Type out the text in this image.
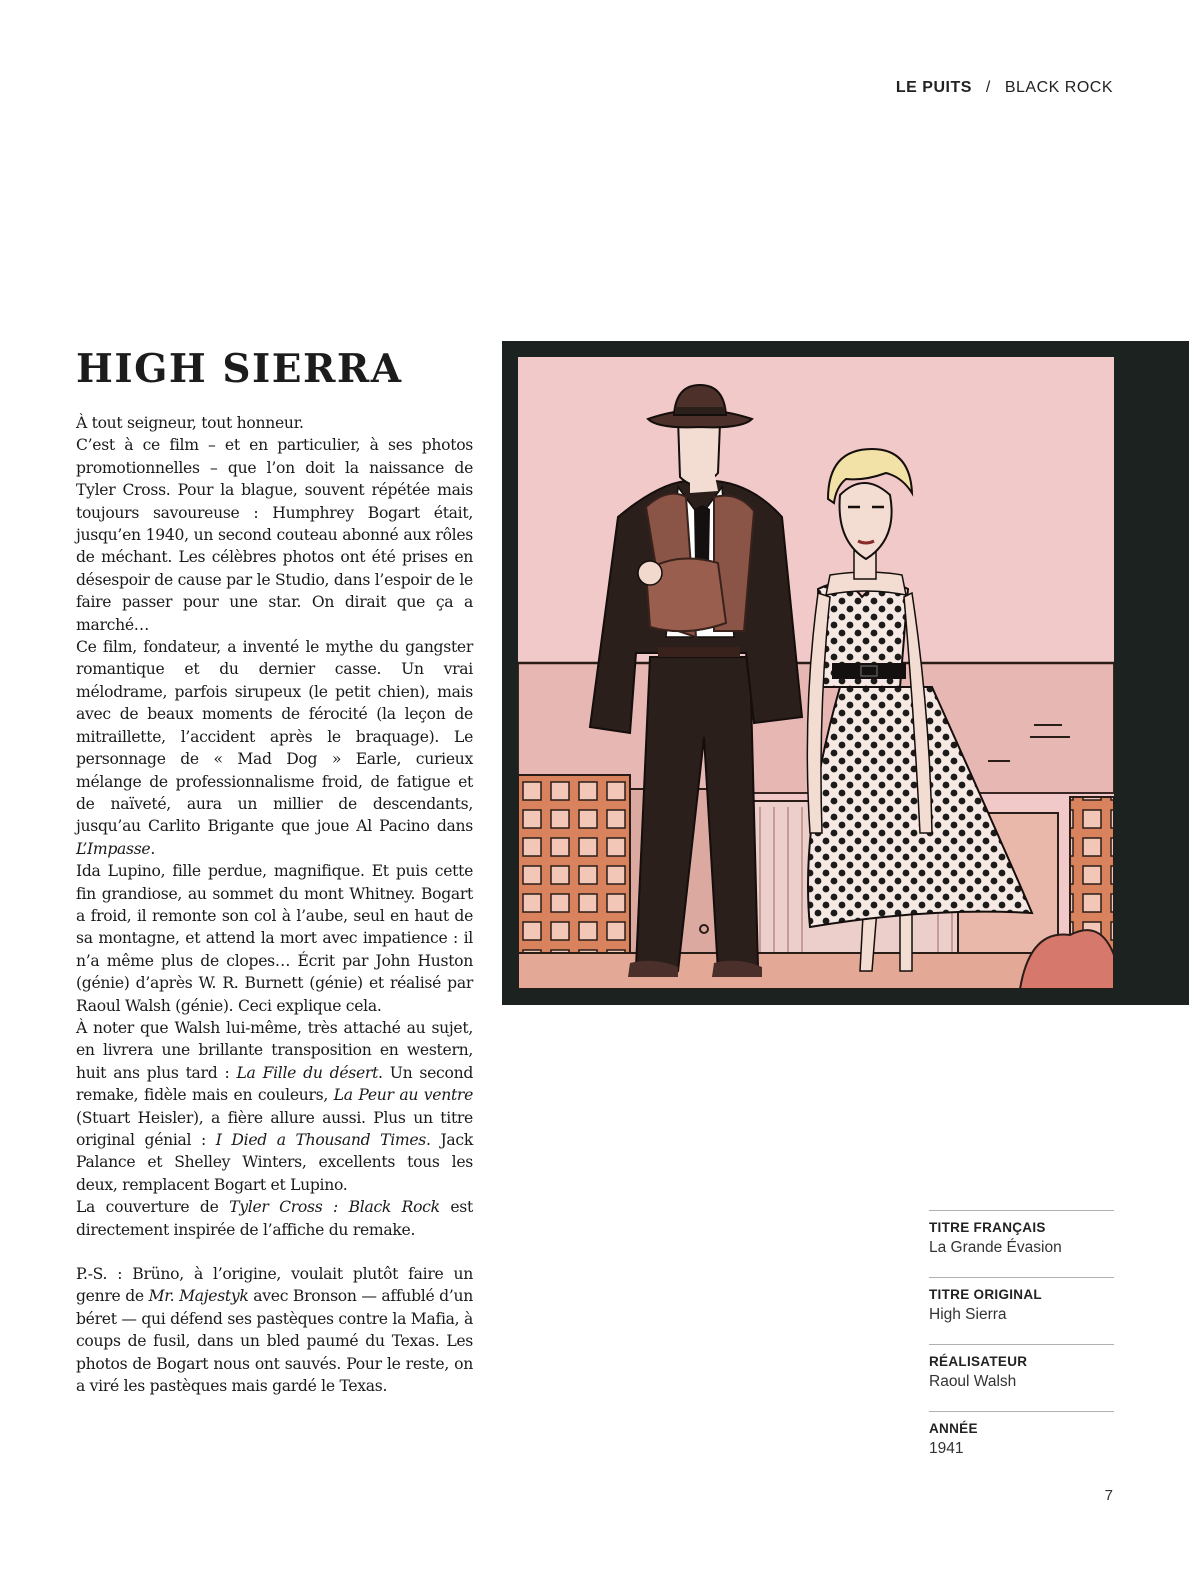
LE PUITS / BLACK ROCK
HIGH SIERRA

À tout seigneur, tout honneur.

C’est à ce film – et en particulier, à ses photos promotionnelles – que l’on doit la naissance de Tyler Cross. Pour la blague, souvent répétée mais toujours savoureuse : Humphrey Bogart était, jusqu’en 1940, un second couteau abonné aux rôles de méchant. Les célèbres photos ont été prises en désespoir de cause par le Studio, dans l’espoir de le faire passer pour une star. On dirait que ça a marché…

Ce film, fondateur, a inventé le mythe du gangster romantique et du dernier casse. Un vrai mélodrame, parfois sirupeux (le petit chien), mais avec de beaux moments de férocité (la leçon de mitraillette, l’accident après le braquage). Le personnage de « Mad Dog » Earle, curieux mélange de professionnalisme froid, de fatigue et de naïveté, aura un millier de descendants, jusqu’au Carlito Brigante que joue Al Pacino dans L’Impasse.

Ida Lupino, fille perdue, magnifique. Et puis cette fin grandiose, au sommet du mont Whitney. Bogart a froid, il remonte son col à l’aube, seul en haut de sa montagne, et attend la mort avec impatience : il n’a même plus de clopes… Écrit par John Huston (génie) d’après W. R. Burnett (génie) et réalisé par Raoul Walsh (génie). Ceci explique cela.

À noter que Walsh lui-même, très attaché au sujet, en livrera une brillante transposition en western, huit ans plus tard : La Fille du désert. Un second remake, fidèle mais en couleurs, La Peur au ventre (Stuart Heisler), a fière allure aussi. Plus un titre original génial : I Died a Thousand Times. Jack Palance et Shelley Winters, excellents tous les deux, remplacent Bogart et Lupino.

La couverture de Tyler Cross : Black Rock est directement inspirée de l’affiche du remake.

P.-S. : Brüno, à l’origine, voulait plutôt faire un genre de Mr. Majestyk avec Bronson — affublé d’un béret — qui défend ses pastèques contre la Mafia, à coups de fusil, dans un bled paumé du Texas. Les photos de Bogart nous ont sauvés. Pour le reste, on a viré les pastèques mais gardé le Texas.

TITRE FRANÇAIS
La Grande Évasion
TITRE ORIGINAL
High Sierra
RÉALISATEUR
Raoul Walsh
ANNÉE
1941
7
